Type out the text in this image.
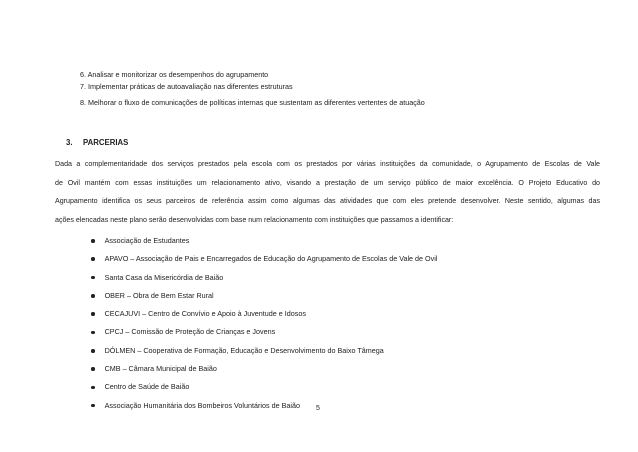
6. Analisar e monitorizar os desempenhos do agrupamento
7. Implementar práticas de autoavaliação nas diferentes estruturas
8. Melhorar o fluxo de comunicações de políticas internas que sustentam as diferentes vertentes de atuação
3. PARCERIAS
Dada a complementaridade dos serviços prestados pela escola com os prestados por várias instituições da comunidade, o Agrupamento de Escolas de Vale
de Ovil mantém com essas instituições um relacionamento ativo, visando a prestação de um serviço público de maior excelência. O Projeto Educativo do
Agrupamento identifica os seus parceiros de referência assim como algumas das atividades que com eles pretende desenvolver. Neste sentido, algumas das
ações elencadas neste plano serão desenvolvidas com base num relacionamento com instituições que passamos a identificar:
Associação de Estudantes
APAVO – Associação de Pais e Encarregados de Educação do Agrupamento de Escolas de Vale de Ovil
Santa Casa da Misericórdia de Baião
OBER – Obra de Bem Estar Rural
CECAJUVI – Centro de Convívio e Apoio à Juventude e Idosos
CPCJ – Comissão de Proteção de Crianças e Jovens
DÓLMEN – Cooperativa de Formação, Educação e Desenvolvimento do Baixo Tâmega
CMB – Câmara Municipal de Baião
Centro de Saúde de Baião
Associação Humanitária dos Bombeiros Voluntários de Baião 5
